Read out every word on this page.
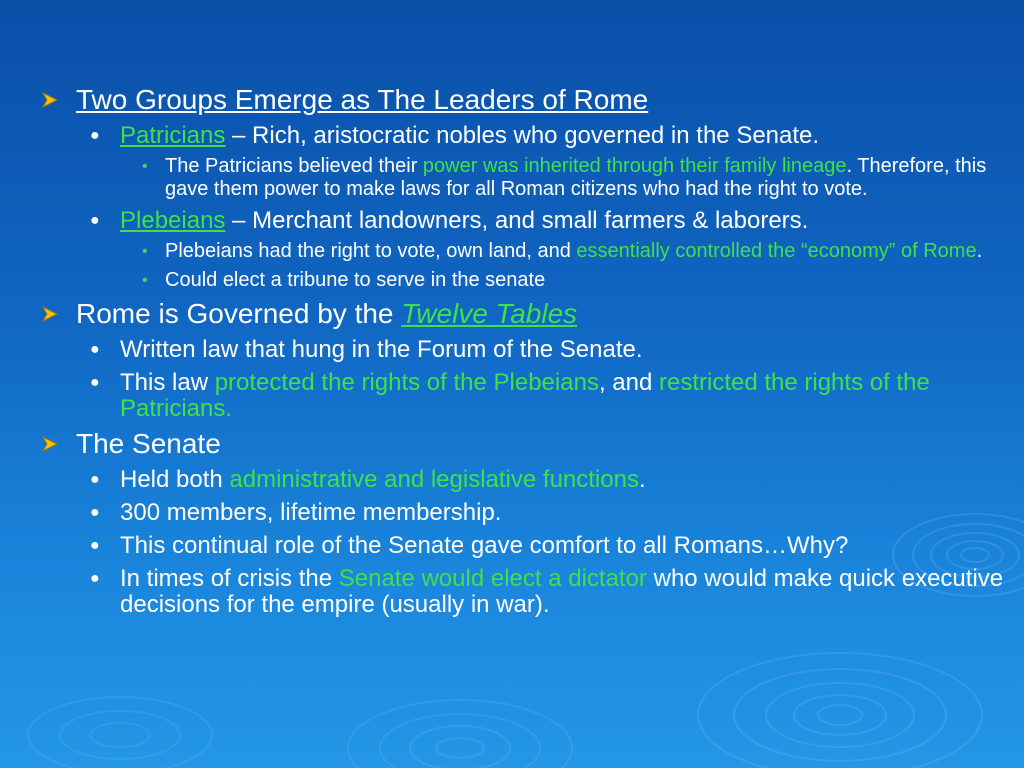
Two Groups Emerge as The Leaders of Rome
● Patricians – Rich, aristocratic nobles who governed in the Senate.
• The Patricians believed their power was inherited through their family lineage. Therefore, this gave them power to make laws for all Roman citizens who had the right to vote.
● Plebeians – Merchant landowners, and small farmers & laborers.
• Plebeians had the right to vote, own land, and essentially controlled the “economy” of Rome.
• Could elect a tribune to serve in the senate
Rome is Governed by the Twelve Tables
● Written law that hung in the Forum of the Senate.
● This law protected the rights of the Plebeians, and restricted the rights of the Patricians.
The Senate
● Held both administrative and legislative functions.
● 300 members, lifetime membership.
● This continual role of the Senate gave comfort to all Romans…Why?
● In times of crisis the Senate would elect a dictator who would make quick executive decisions for the empire (usually in war).
